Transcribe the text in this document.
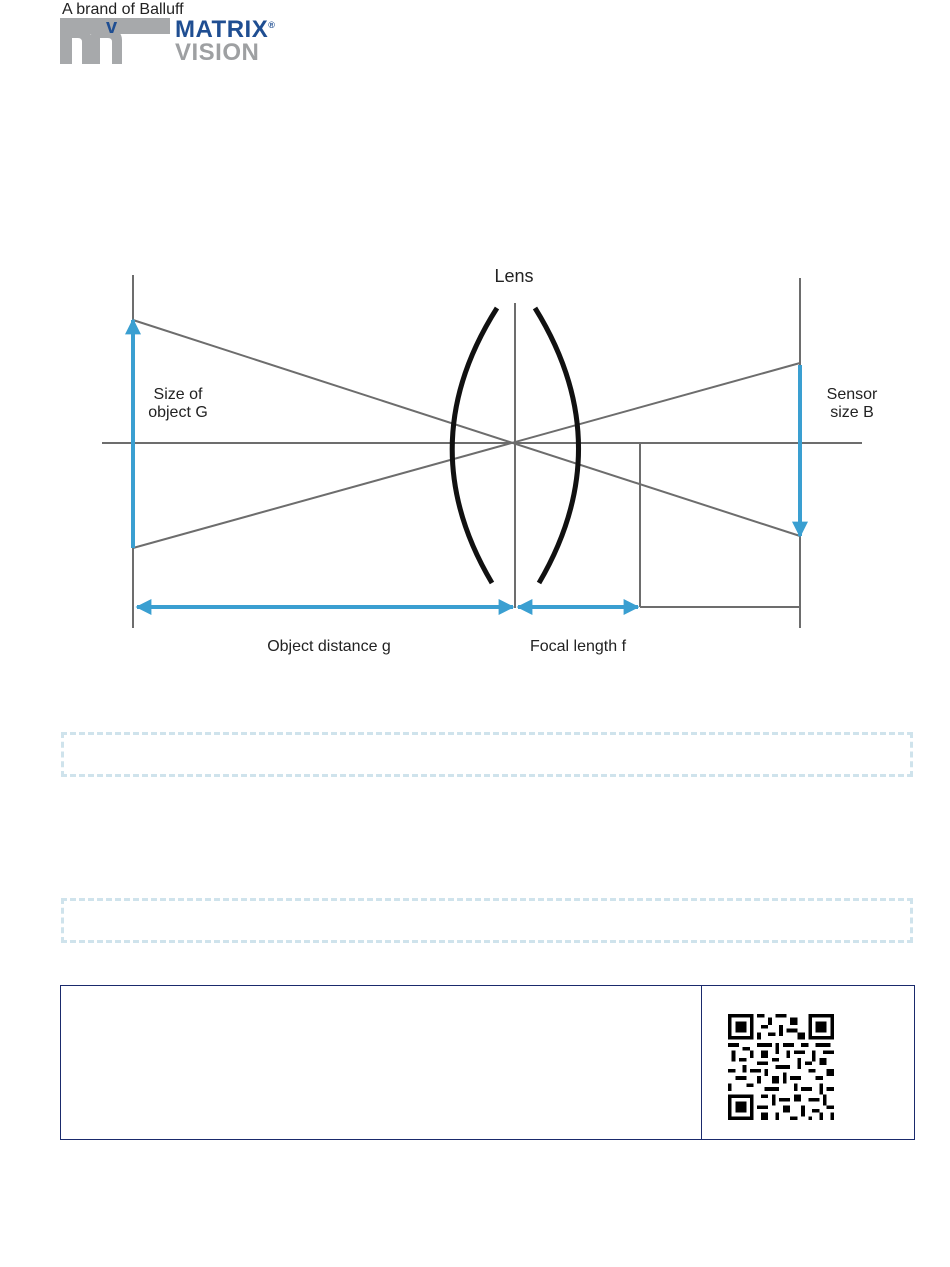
A brand of Balluff
v MATRIX®
VISION
Lens
Size of
object G
Sensor
size B
Object distance g	Focal length f
